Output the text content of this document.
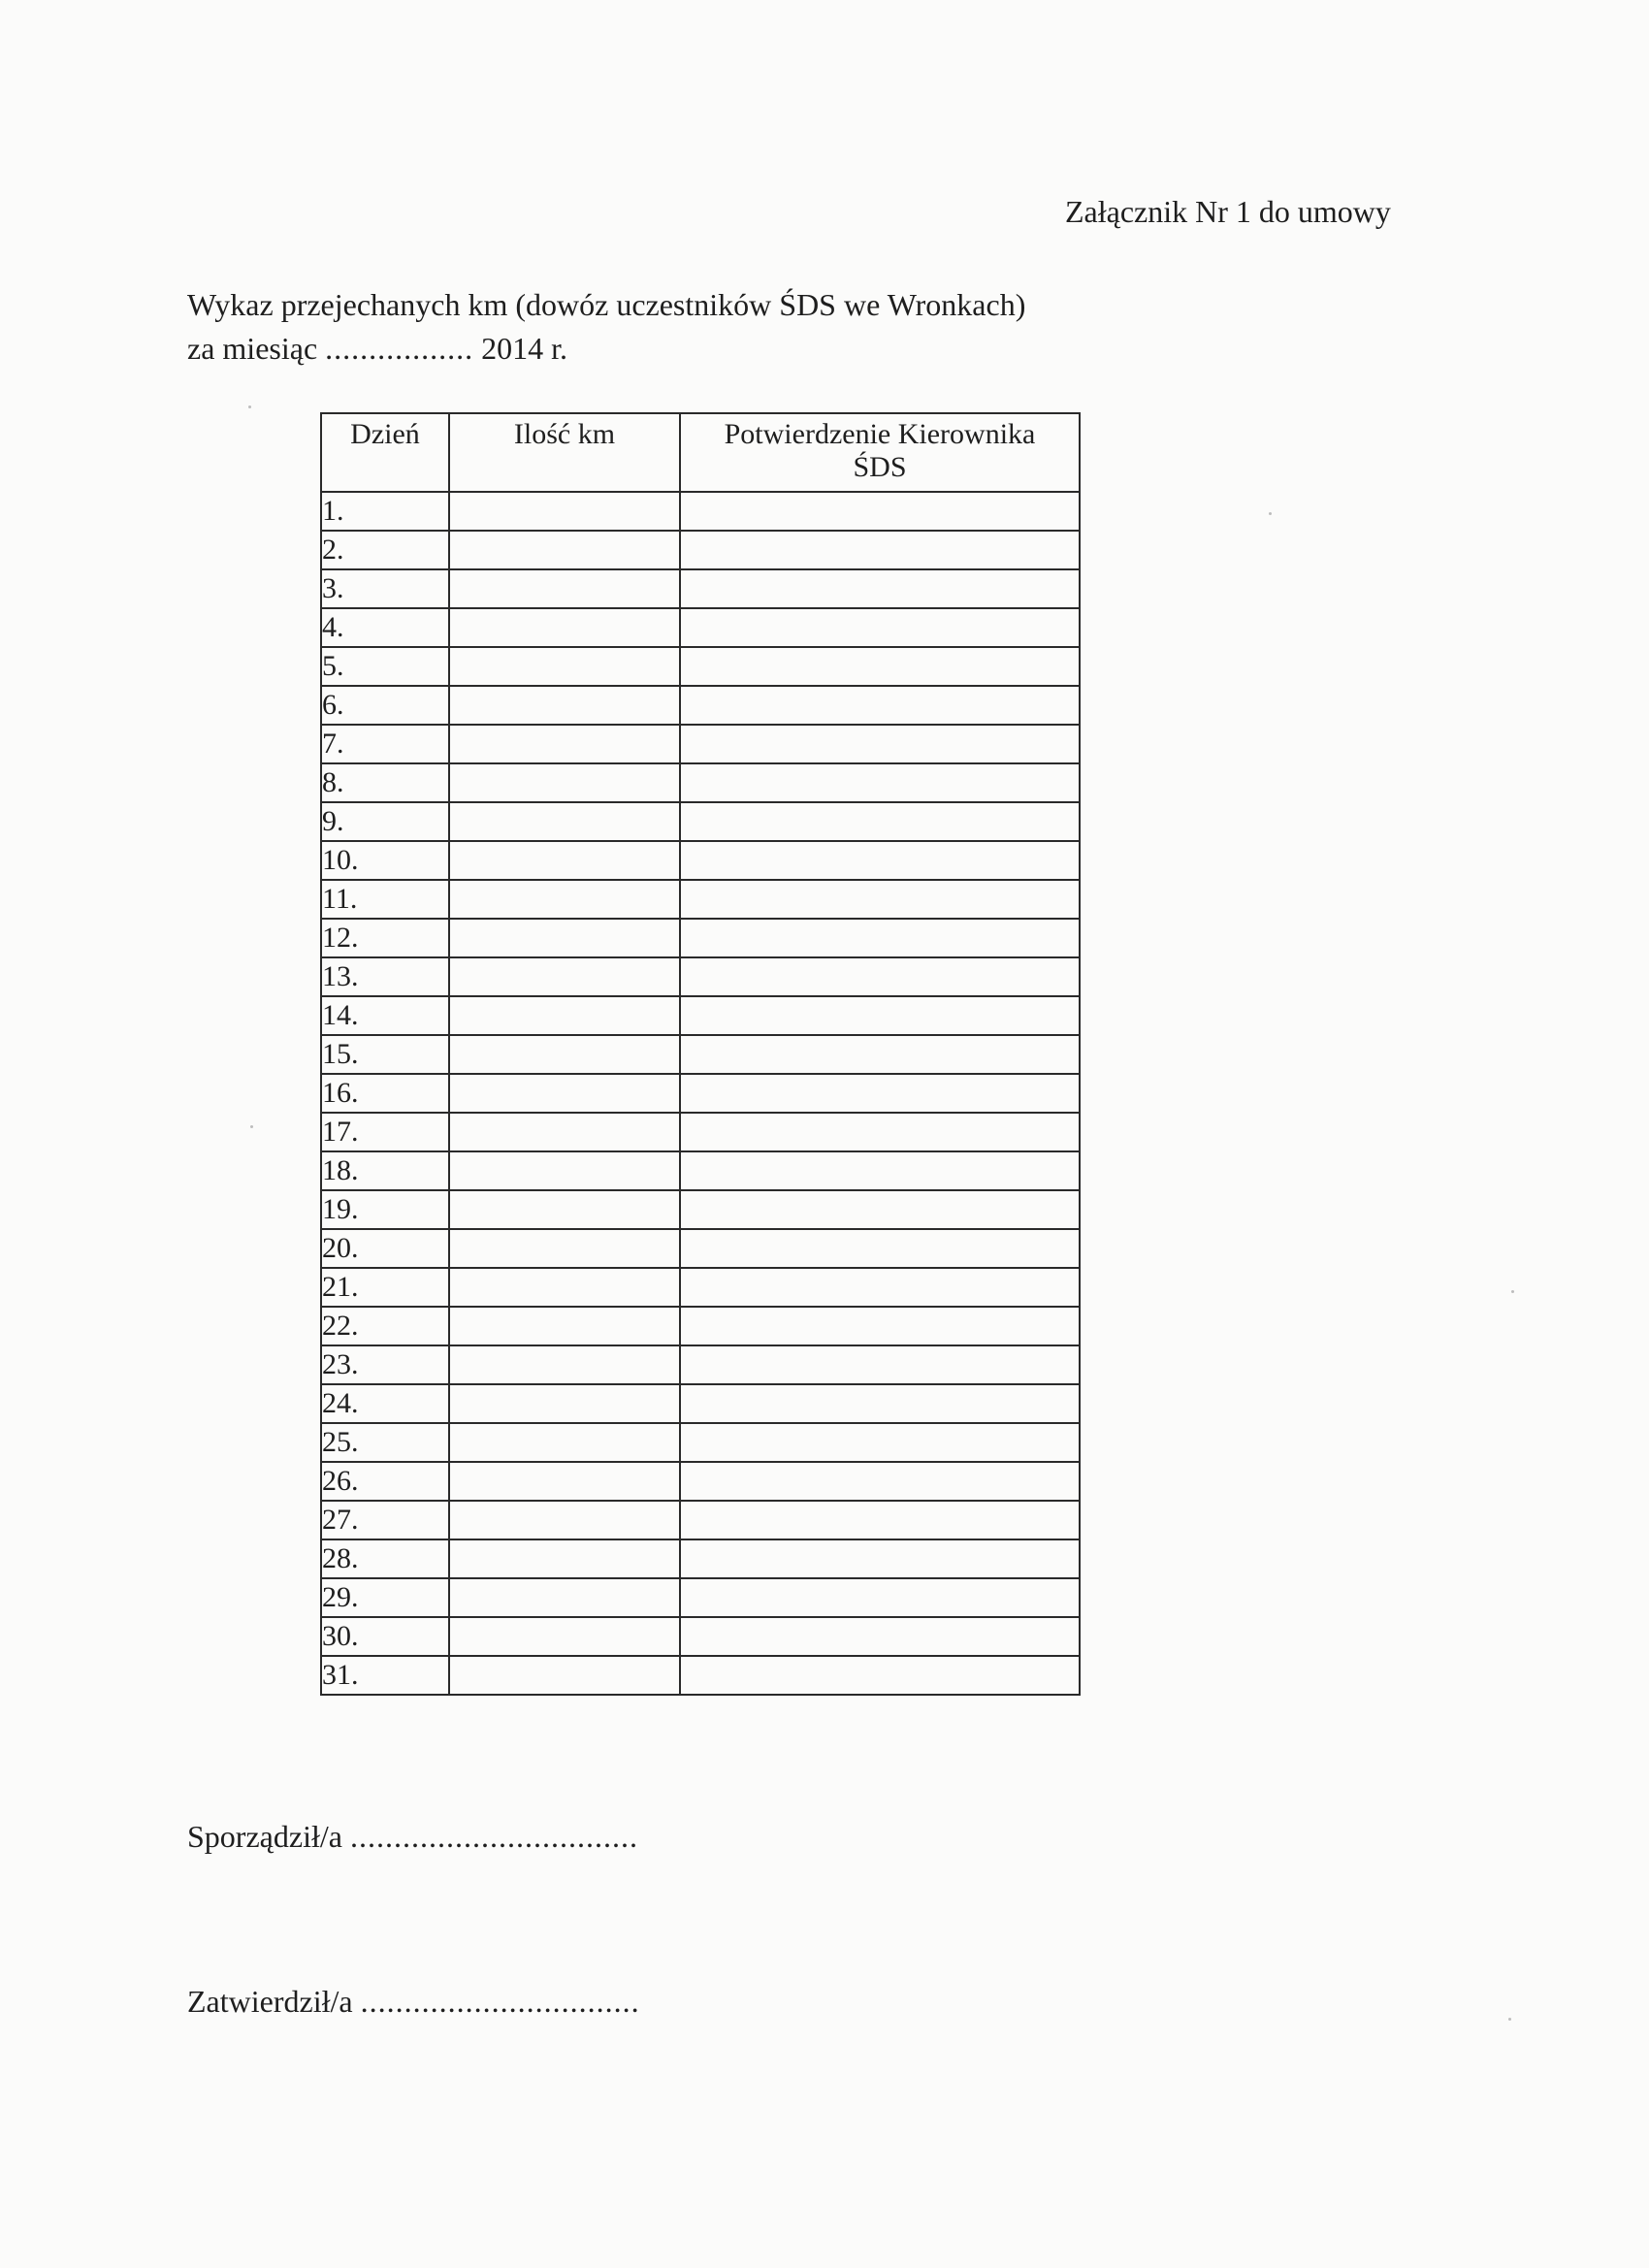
Załącznik Nr 1 do umowy
Wykaz przejechanych km (dowóz uczestników ŚDS we Wronkach)
za miesiąc ................. 2014 r.
Dzień	Ilość km	Potwierdzenie Kierownika
ŚDS

1.		
2.		
3.		
4.		
5.		
6.		
7.		
8.		
9.		
10.		
11.		
12.		
13.		
14.		
15.		
16.		
17.		
18.		
19.		
20.		
21.		
22.		
23.		
24.		
25.		
26.		
27.		
28.		
29.		
30.		
31.		
Sporządził/a .................................
Zatwierdził/a ................................
